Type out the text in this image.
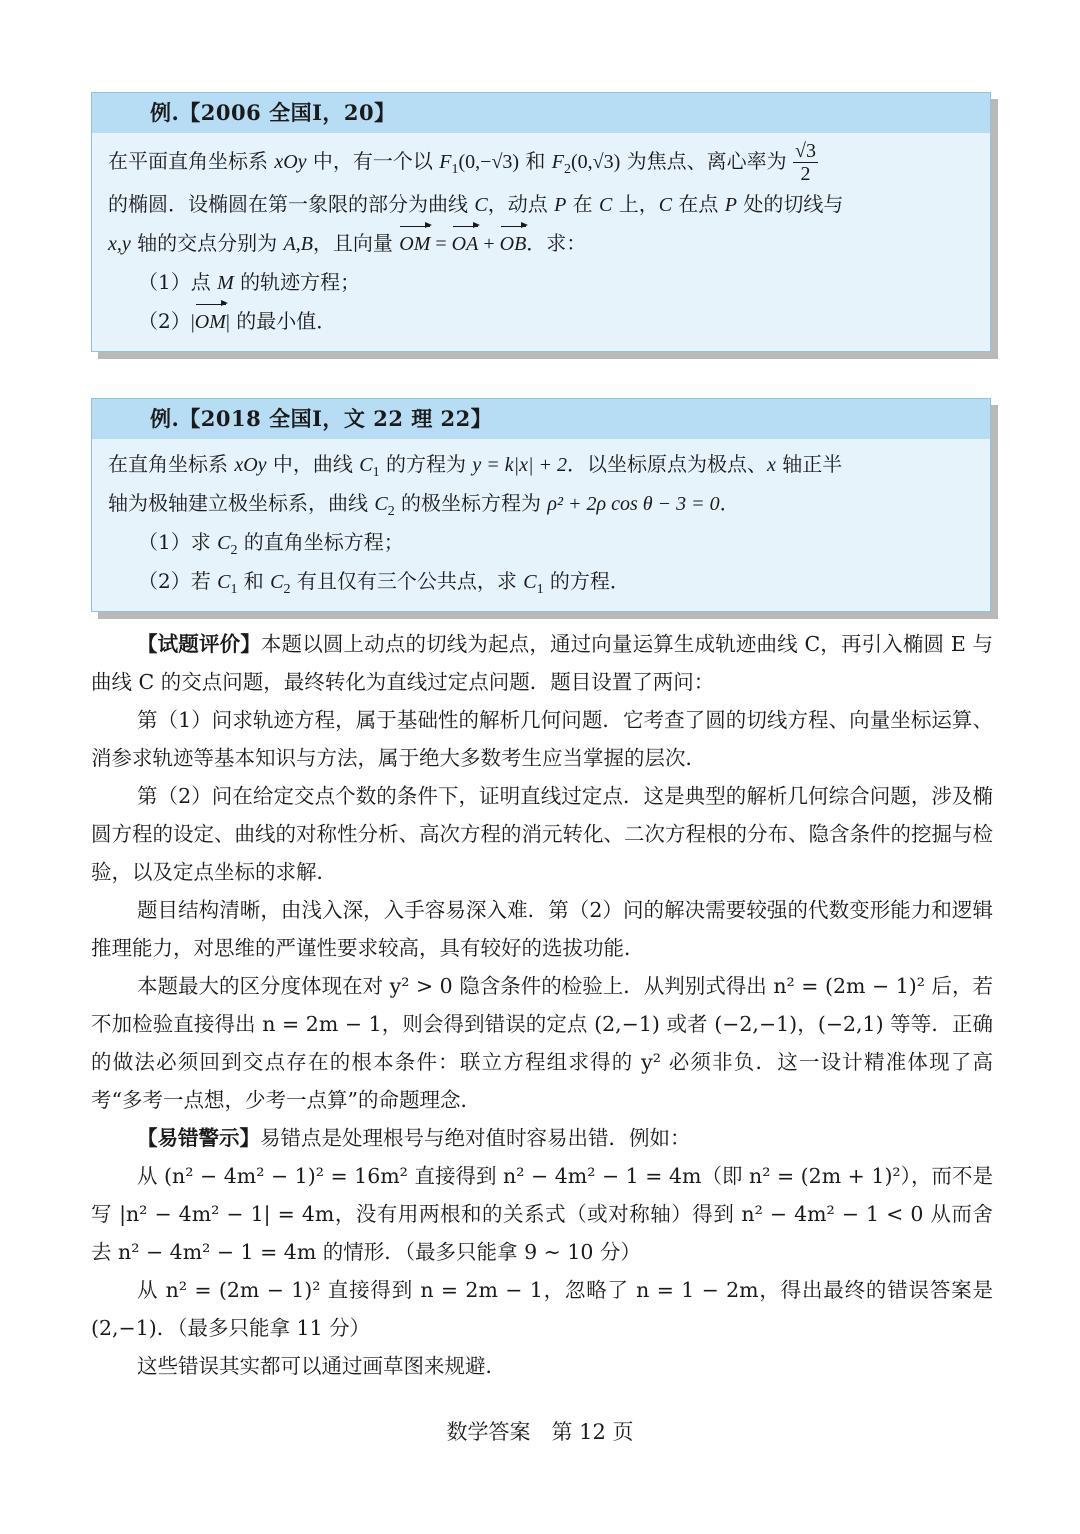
例.【2006 全国Ⅰ，20】
在平面直角坐标系 xOy 中，有一个以 $F_1(0,-√3)$ 和 $F_2(0,√3)$ 为焦点、离心率为 $\frac{√3}{2}$
的椭圆．设椭圆在第一象限的部分为曲线 C，动点 P 在 C 上，C 在点 P 处的切线与
x,y 轴的交点分别为 A,B，且向量 OM = OA + OB．求：
（1）点 M 的轨迹方程；
（2）|OM| 的最小值．
例.【2018 全国Ⅰ，文 22 理 22】
在直角坐标系 xOy 中，曲线 $C_1$ 的方程为 y = k|x| + 2．以坐标原点为极点、x 轴正半
轴为极轴建立极坐标系，曲线 $C_2$ 的极坐标方程为 ρ² + 2ρ cos θ − 3 = 0．
（1）求 $C_2$ 的直角坐标方程；
（2）若 $C_1$ 和 $C_2$ 有且仅有三个公共点，求 $C_1$ 的方程．

【试题评价】本题以圆上动点的切线为起点，通过向量运算生成轨迹曲线 C，再引入椭圆 E 与曲线 C 的交点问题，最终转化为直线过定点问题．题目设置了两问：

第（1）问求轨迹方程，属于基础性的解析几何问题．它考查了圆的切线方程、向量坐标运算、消参求轨迹等基本知识与方法，属于绝大多数考生应当掌握的层次．

第（2）问在给定交点个数的条件下，证明直线过定点．这是典型的解析几何综合问题，涉及椭圆方程的设定、曲线的对称性分析、高次方程的消元转化、二次方程根的分布、隐含条件的挖掘与检验，以及定点坐标的求解．

题目结构清晰，由浅入深，入手容易深入难．第（2）问的解决需要较强的代数变形能力和逻辑推理能力，对思维的严谨性要求较高，具有较好的选拔功能．

本题最大的区分度体现在对 y² > 0 隐含条件的检验上．从判别式得出 n² = (2m − 1)² 后，若不加检验直接得出 n = 2m − 1，则会得到错误的定点 (2,−1) 或者 (−2,−1)，(−2,1) 等等．正确的做法必须回到交点存在的根本条件：联立方程组求得的 y² 必须非负．这一设计精准体现了高考“多考一点想，少考一点算”的命题理念．

【易错警示】易错点是处理根号与绝对值时容易出错．例如：

从 (n² − 4m² − 1)² = 16m² 直接得到 n² − 4m² − 1 = 4m（即 n² = (2m + 1)²），而不是写 |n² − 4m² − 1| = 4m，没有用两根和的关系式（或对称轴）得到 n² − 4m² − 1 < 0 从而舍去 n² − 4m² − 1 = 4m 的情形．（最多只能拿 9 ∼ 10 分）

从 n² = (2m − 1)² 直接得到 n = 2m − 1，忽略了 n = 1 − 2m，得出最终的错误答案是 (2,−1)．（最多只能拿 11 分）

这些错误其实都可以通过画草图来规避．

数学答案　第 12 页
